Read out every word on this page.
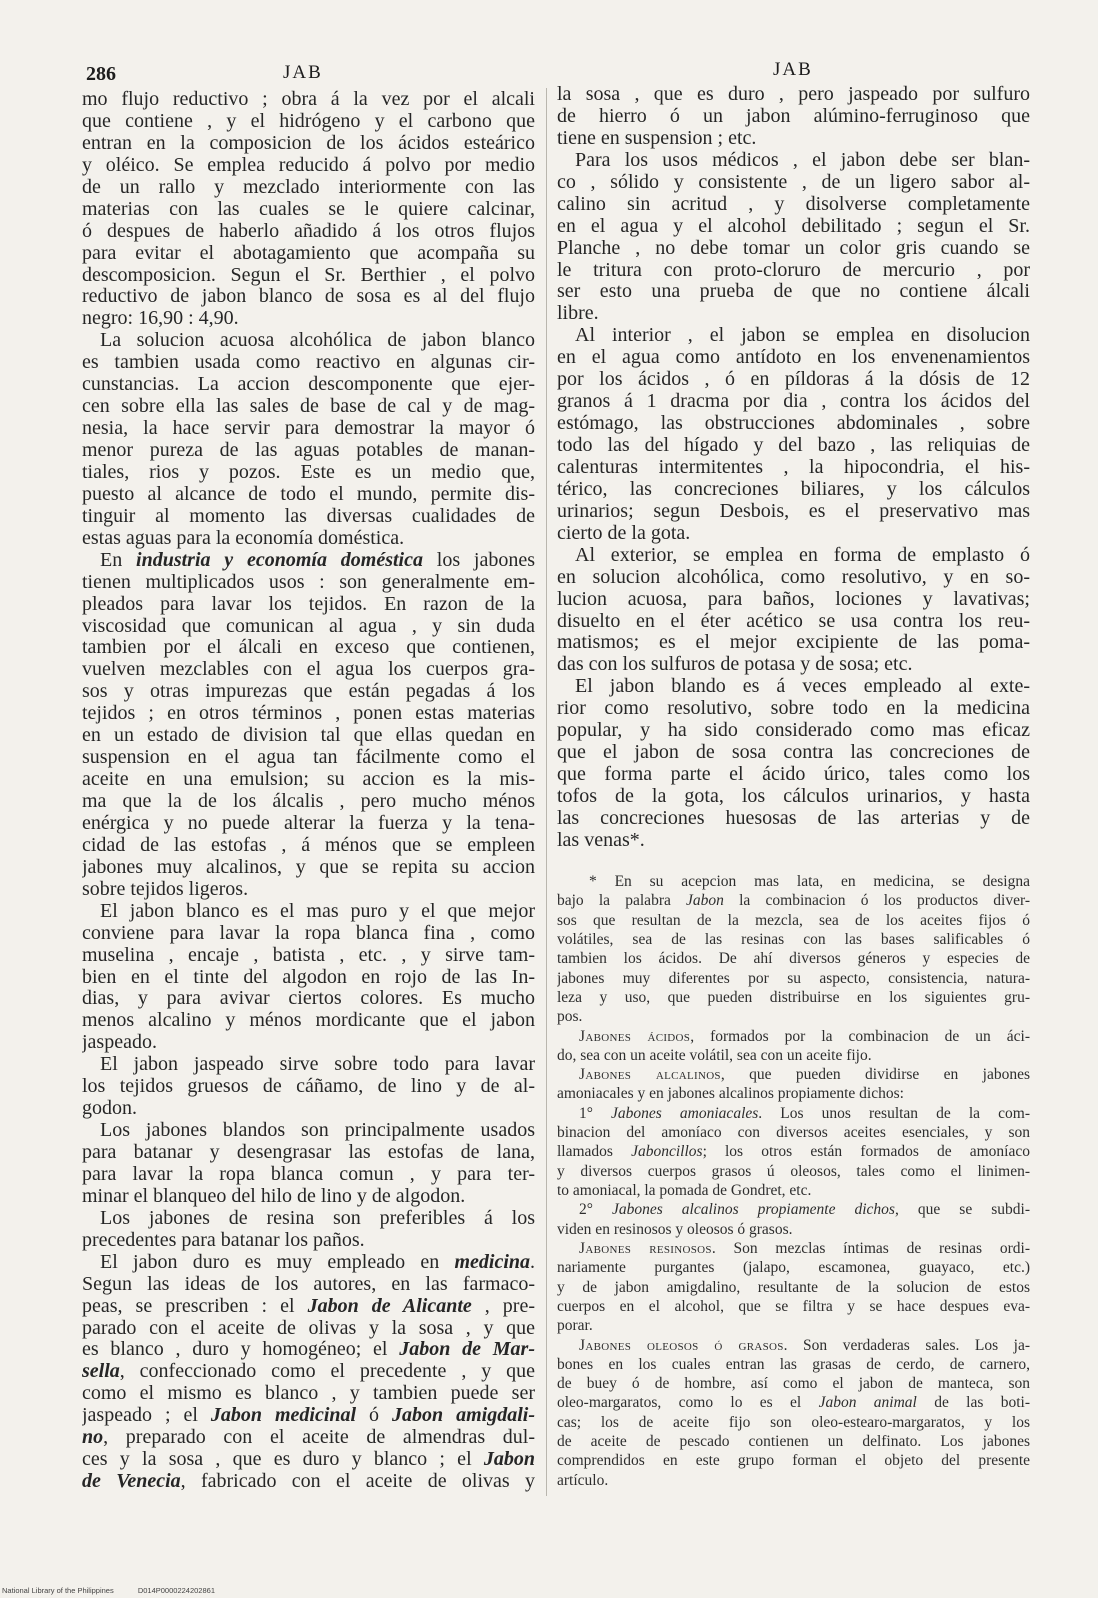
286	JAB	JAB
mo flujo reductivo ; obra á la vez por el alcali
que contiene , y el hidrógeno y el carbono que
entran en la composicion de los ácidos esteárico
y oléico. Se emplea reducido á polvo por medio
de un rallo y mezclado interiormente con las
materias con las cuales se le quiere calcinar,
ó despues de haberlo añadido á los otros flujos
para evitar el abotagamiento que acompaña su
descomposicion. Segun el Sr. Berthier , el polvo
reductivo de jabon blanco de sosa es al del flujo
negro: 16,90 : 4,90.
La solucion acuosa alcohólica de jabon blanco
es tambien usada como reactivo en algunas cir-
cunstancias. La accion descomponente que ejer-
cen sobre ella las sales de base de cal y de mag-
nesia, la hace servir para demostrar la mayor ó
menor pureza de las aguas potables de manan-
tiales, rios y pozos. Este es un medio que,
puesto al alcance de todo el mundo, permite dis-
tinguir al momento las diversas cualidades de
estas aguas para la economía doméstica.
En industria y economía doméstica los jabones
tienen multiplicados usos : son generalmente em-
pleados para lavar los tejidos. En razon de la
viscosidad que comunican al agua , y sin duda
tambien por el álcali en exceso que contienen,
vuelven mezclables con el agua los cuerpos gra-
sos y otras impurezas que están pegadas á los
tejidos ; en otros términos , ponen estas materias
en un estado de division tal que ellas quedan en
suspension en el agua tan fácilmente como el
aceite en una emulsion; su accion es la mis-
ma que la de los álcalis , pero mucho ménos
enérgica y no puede alterar la fuerza y la tena-
cidad de las estofas , á ménos que se empleen
jabones muy alcalinos, y que se repita su accion
sobre tejidos ligeros.
El jabon blanco es el mas puro y el que mejor
conviene para lavar la ropa blanca fina , como
muselina , encaje , batista , etc. , y sirve tam-
bien en el tinte del algodon en rojo de las In-
dias, y para avivar ciertos colores. Es mucho
menos alcalino y ménos mordicante que el jabon
jaspeado.
El jabon jaspeado sirve sobre todo para lavar
los tejidos gruesos de cáñamo, de lino y de al-
godon.
Los jabones blandos son principalmente usados
para batanar y desengrasar las estofas de lana,
para lavar la ropa blanca comun , y para ter-
minar el blanqueo del hilo de lino y de algodon.
Los jabones de resina son preferibles á los
precedentes para batanar los paños.
El jabon duro es muy empleado en medicina.
Segun las ideas de los autores, en las farmaco-
peas, se prescriben : el Jabon de Alicante , pre-
parado con el aceite de olivas y la sosa , y que
es blanco , duro y homogéneo; el Jabon de Mar-
sella, confeccionado como el precedente , y que
como el mismo es blanco , y tambien puede ser
jaspeado ; el Jabon medicinal ó Jabon amigdali-
no, preparado con el aceite de almendras dul-
ces y la sosa , que es duro y blanco ; el Jabon
de Venecia, fabricado con el aceite de olivas y
la sosa , que es duro , pero jaspeado por sulfuro
de hierro ó un jabon alúmino-ferruginoso que
tiene en suspension ; etc.
Para los usos médicos , el jabon debe ser blan-
co , sólido y consistente , de un ligero sabor al-
calino sin acritud , y disolverse completamente
en el agua y el alcohol debilitado ; segun el Sr.
Planche , no debe tomar un color gris cuando se
le tritura con proto-cloruro de mercurio , por
ser esto una prueba de que no contiene álcali
libre.
Al interior , el jabon se emplea en disolucion
en el agua como antídoto en los envenenamientos
por los ácidos , ó en píldoras á la dósis de 12
granos á 1 dracma por dia , contra los ácidos del
estómago, las obstrucciones abdominales , sobre
todo las del hígado y del bazo , las reliquias de
calenturas intermitentes , la hipocondria, el his-
térico, las concreciones biliares, y los cálculos
urinarios; segun Desbois, es el preservativo mas
cierto de la gota.
Al exterior, se emplea en forma de emplasto ó
en solucion alcohólica, como resolutivo, y en so-
lucion acuosa, para baños, lociones y lavativas;
disuelto en el éter acético se usa contra los reu-
matismos; es el mejor excipiente de las poma-
das con los sulfuros de potasa y de sosa; etc.
El jabon blando es á veces empleado al exte-
rior como resolutivo, sobre todo en la medicina
popular, y ha sido considerado como mas eficaz
que el jabon de sosa contra las concreciones de
que forma parte el ácido úrico, tales como los
tofos de la gota, los cálculos urinarios, y hasta
las concreciones huesosas de las arterias y de
las venas*.
* En su acepcion mas lata, en medicina, se designa
bajo la palabra Jabon la combinacion ó los productos diver-
sos que resultan de la mezcla, sea de los aceites fijos ó
volátiles, sea de las resinas con las bases salificables ó
tambien los ácidos. De ahí diversos géneros y especies de
jabones muy diferentes por su aspecto, consistencia, natura-
leza y uso, que pueden distribuirse en los siguientes gru-
pos.
Jabones ácidos, formados por la combinacion de un áci-
do, sea con un aceite volátil, sea con un aceite fijo.
Jabones alcalinos, que pueden dividirse en jabones
amoniacales y en jabones alcalinos propiamente dichos:
1° Jabones amoniacales. Los unos resultan de la com-
binacion del amoníaco con diversos aceites esenciales, y son
llamados Jaboncillos; los otros están formados de amoníaco
y diversos cuerpos grasos ú oleosos, tales como el linimen-
to amoniacal, la pomada de Gondret, etc.
2° Jabones alcalinos propiamente dichos, que se subdi-
viden en resinosos y oleosos ó grasos.
Jabones resinosos. Son mezclas íntimas de resinas ordi-
nariamente purgantes (jalapo, escamonea, guayaco, etc.)
y de jabon amigdalino, resultante de la solucion de estos
cuerpos en el alcohol, que se filtra y se hace despues eva-
porar.
Jabones oleosos ó grasos. Son verdaderas sales. Los ja-
bones en los cuales entran las grasas de cerdo, de carnero,
de buey ó de hombre, así como el jabon de manteca, son
oleo-margaratos, como lo es el Jabon animal de las boti-
cas; los de aceite fijo son oleo-estearo-margaratos, y los
de aceite de pescado contienen un delfinato. Los jabones
comprendidos en este grupo forman el objeto del presente
artículo.
National Library of the Philippines	D014P0000224202861
